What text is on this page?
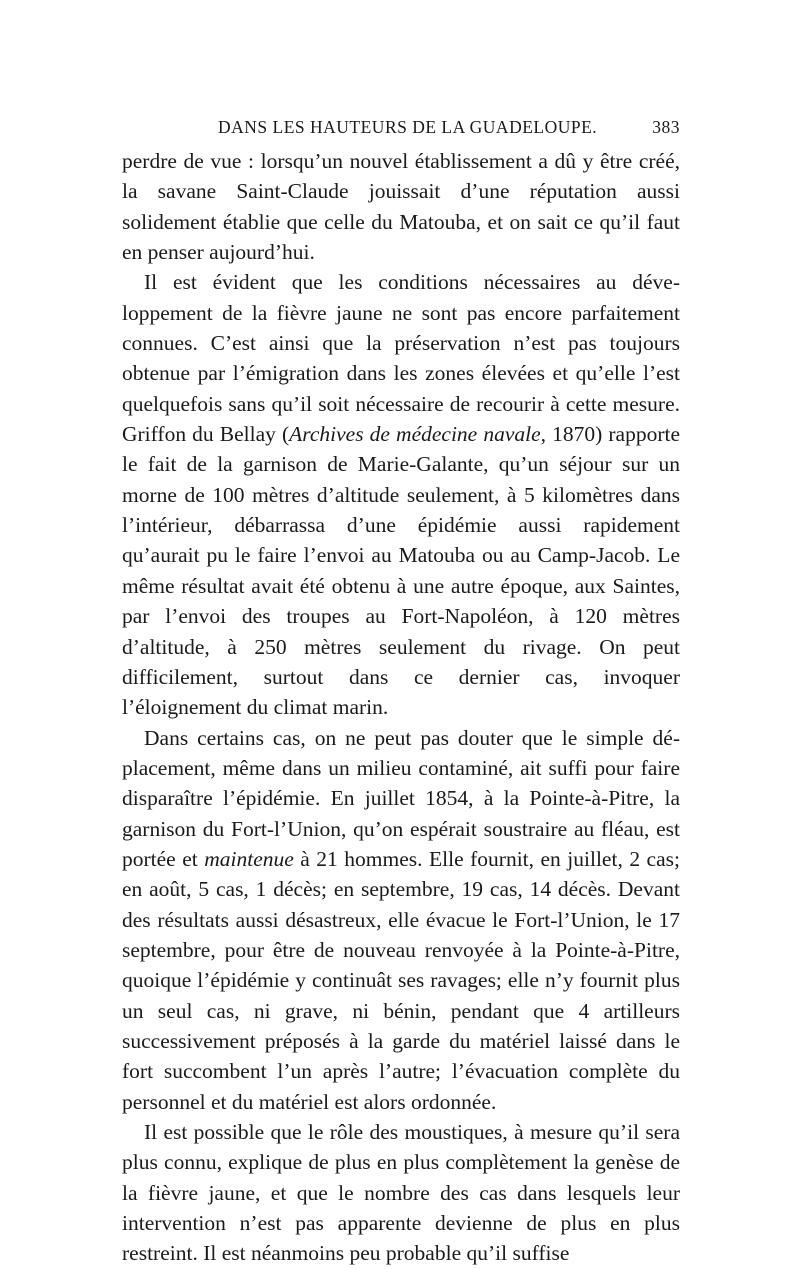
DANS LES HAUTEURS DE LA GUADELOUPE.	383

perdre de vue : lorsqu’un nouvel établissement a dû y être créé, la savane Saint-Claude jouissait d’une réputation aussi solidement établie que celle du Matouba, et on sait ce qu’il faut en penser aujourd’hui.

Il est évident que les conditions nécessaires au développement de la fièvre jaune ne sont pas encore parfaitement connues. C’est ainsi que la préservation n’est pas toujours obtenue par l’émigration dans les zones élevées et qu’elle l’est quelquefois sans qu’il soit nécessaire de recourir à cette mesure. Griffon du Bellay (Archives de médecine navale, 1870) rapporte le fait de la garnison de Marie-Galante, qu’un séjour sur un morne de 100 mètres d’altitude seulement, à 5 kilomètres dans l’intérieur, débarrassa d’une épidémie aussi rapidement qu’aurait pu le faire l’envoi au Matouba ou au Camp-Jacob. Le même résultat avait été obtenu à une autre époque, aux Saintes, par l’envoi des troupes au Fort-Napoléon, à 120 mètres d’altitude, à 250 mètres seulement du rivage. On peut difficilement, surtout dans ce dernier cas, invoquer l’éloignement du climat marin.

Dans certains cas, on ne peut pas douter que le simple déplacement, même dans un milieu contaminé, ait suffi pour faire disparaître l’épidémie. En juillet 1854, à la Pointe-à-Pitre, la garnison du Fort-l’Union, qu’on espérait soustraire au fléau, est portée et maintenue à 21 hommes. Elle fournit, en juillet, 2 cas; en août, 5 cas, 1 décès; en septembre, 19 cas, 14 décès. Devant des résultats aussi désastreux, elle évacue le Fort-l’Union, le 17 septembre, pour être de nouveau renvoyée à la Pointe-à-Pitre, quoique l’épidémie y continuât ses ravages; elle n’y fournit plus un seul cas, ni grave, ni bénin, pendant que 4 artilleurs successivement préposés à la garde du matériel laissé dans le fort succombent l’un après l’autre; l’évacuation complète du personnel et du matériel est alors ordonnée.

Il est possible que le rôle des moustiques, à mesure qu’il sera plus connu, explique de plus en plus complètement la genèse de la fièvre jaune, et que le nombre des cas dans lesquels leur intervention n’est pas apparente devienne de plus en plus restreint. Il est néanmoins peu probable qu’il suffise
